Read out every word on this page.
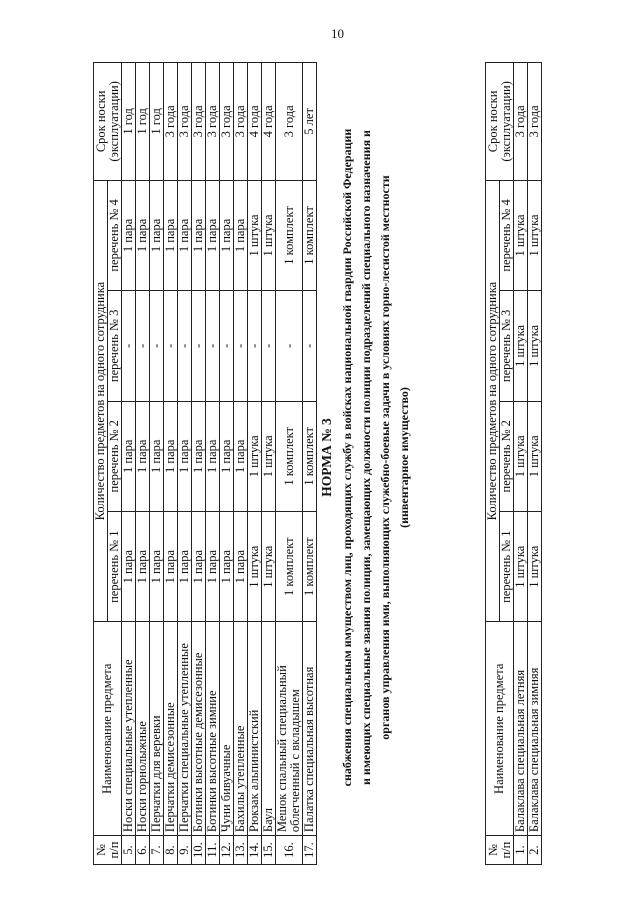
10
№ п/п	Наименование предмета	Количество предметов на одного сотрудника				Срок носки (эксплуатации)
		перечень № 1	перечень № 2	перечень № 3	перечень № 4	
5.	Носки специальные утепленные	1 пара	1 пара	-	1 пара	1 год
6.	Носки горнолыжные	1 пара	1 пара	-	1 пара	1 год
7.	Перчатки для веревки	1 пара	1 пара	-	1 пара	1 год
8.	Перчатки демисезонные	1 пара	1 пара	-	1 пара	3 года
9.	Перчатки специальные утепленные	1 пара	1 пара	-	1 пара	3 года
10.	Ботинки высотные демисезонные	1 пара	1 пара	-	1 пара	3 года
11.	Ботинки высотные зимние	1 пара	1 пара	-	1 пара	3 года
12.	Чуни бивуачные	1 пара	1 пара	-	1 пара	3 года
13.	Бахилы утепленные	1 пара	1 пара	-	1 пара	3 года
14.	Рюкзак альпинистский	1 штука	1 штука	-	1 штука	4 года
15.	Баул	1 штука	1 штука	-	1 штука	4 года
16.	Мешок спальный специальный облегченный с вкладышем	1 комплект	1 комплект	-	1 комплект	3 года
17.	Палатка специальная высотная	1 комплект	1 комплект	-	1 комплект	5 лет
НОРМА № 3 снабжения специальным имуществом лиц, проходящих службу в войсках национальной гвардии Российской Федерации и имеющих специальные звания полиции, замещающих должности полиции подразделений специального назначения и органов управления ими, выполняющих служебно-боевые задачи в условиях горно-лесистой местности (инвентарное имущество)
№ п/п	Наименование предмета	Количество предметов на одного сотрудника				Срок носки (эксплуатации)
		перечень № 1	перечень № 2	перечень № 3	перечень № 4	
1.	Балаклава специальная летняя	1 штука	1 штука	1 штука	1 штука	3 года
2.	Балаклава специальная зимняя	1 штука	1 штука	1 штука	1 штука	3 года
